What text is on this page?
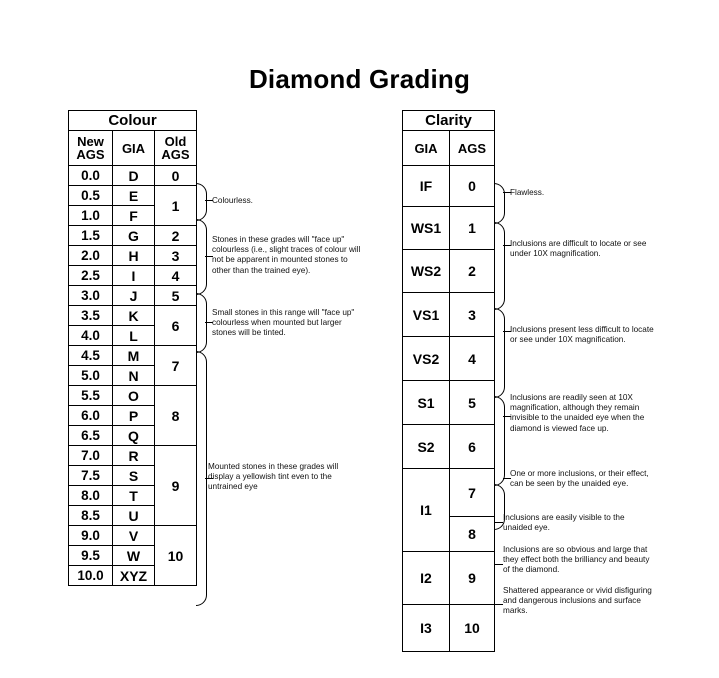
Diamond Grading
Colour		
New AGS	GIA	Old AGS
0.0	D	0
0.5	E	1
1.0	F	
1.5	G	2
2.0	H	3
2.5	I	4
3.0	J	5
3.5	K	6
4.0	L	
4.5	M	7
5.0	N	
5.5	O	8
6.0	P	
6.5	Q	
7.0	R	9
7.5	S	
8.0	T	
8.5	U	
9.0	V	10
9.5	W	
10.0	XYZ	
Colourless.
Stones in these grades will "face up" colourless (i.e., slight traces of colour will not be apparent in mounted stones to other than the trained eye).
Small stones in this range will "face up" colourless when mounted but larger stones will be tinted.
Mounted stones in these grades will display a yellowish tint even to the untrained eye
Clarity	
GIA	AGS
IF	0
WS1	1
WS2	2
VS1	3
VS2	4
S1	5
S2	6
I1	7
	8
I2	9
I3	10
Flawless.
Inclusions are difficult to locate or see under 10X magnification.
Inclusions present less difficult to locate or see under 10X magnification.
Inclusions are readily seen at 10X magnification, although they remain invisible to the unaided eye when the diamond is viewed face up.
One or more inclusions, or their effect, can be seen by the unaided eye.
Inclusions are easily visible to the unaided eye.
Inclusions are so obvious and large that they effect both the brilliancy and beauty of the diamond.
Shattered appearance or vivid disfiguring and dangerous inclusions and surface marks.
